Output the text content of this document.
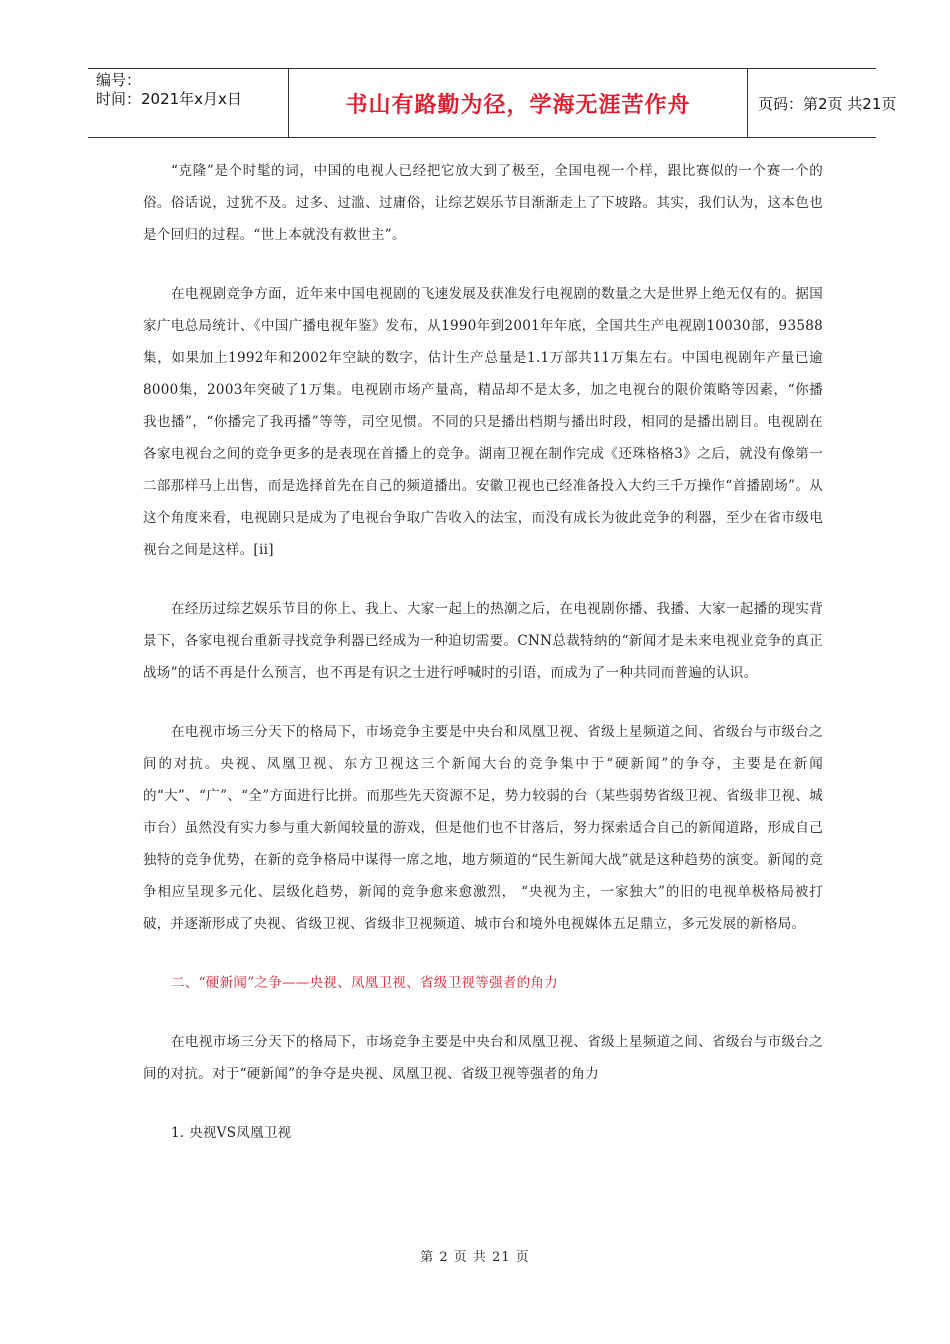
编号：
时间：2021年x月x日	书山有路勤为径，学海无涯苦作舟	页码：第2页 共21页

“克隆”是个时髦的词，中国的电视人已经把它放大到了极至，全国电视一个样，跟比赛似的一个赛一个的俗。俗话说，过犹不及。过多、过滥、过庸俗，让综艺娱乐节目渐渐走上了下坡路。其实，我们认为，这本色也是个回归的过程。“世上本就没有救世主”。

在电视剧竞争方面，近年来中国电视剧的飞速发展及获准发行电视剧的数量之大是世界上绝无仅有的。据国家广电总局统计、《中国广播电视年鉴》发布，从1990年到2001年年底，全国共生产电视剧10030部，93588集，如果加上1992年和2002年空缺的数字，估计生产总量是1.1万部共11万集左右。中国电视剧年产量已逾8000集，2003年突破了1万集。电视剧市场产量高，精品却不是太多，加之电视台的限价策略等因素，“你播我也播”，“你播完了我再播”等等，司空见惯。不同的只是播出档期与播出时段，相同的是播出剧目。电视剧在各家电视台之间的竞争更多的是表现在首播上的竞争。湖南卫视在制作完成《还珠格格3》之后，就没有像第一二部那样马上出售，而是选择首先在自己的频道播出。安徽卫视也已经准备投入大约三千万操作“首播剧场”。从这个角度来看，电视剧只是成为了电视台争取广告收入的法宝，而没有成长为彼此竞争的利器，至少在省市级电视台之间是这样。[ii]

在经历过综艺娱乐节目的你上、我上、大家一起上的热潮之后，在电视剧你播、我播、大家一起播的现实背景下，各家电视台重新寻找竞争利器已经成为一种迫切需要。CNN总裁特纳的“新闻才是未来电视业竞争的真正战场”的话不再是什么预言，也不再是有识之士进行呼喊时的引语，而成为了一种共同而普遍的认识。

在电视市场三分天下的格局下，市场竞争主要是中央台和凤凰卫视、省级上星频道之间、省级台与市级台之间的对抗。央视、凤凰卫视、东方卫视这三个新闻大台的竞争集中于“硬新闻”的争夺，主要是在新闻的“大”、“广”、“全”方面进行比拼。而那些先天资源不足，势力较弱的台（某些弱势省级卫视、省级非卫视、城市台）虽然没有实力参与重大新闻较量的游戏，但是他们也不甘落后，努力探索适合自己的新闻道路，形成自己独特的竞争优势，在新的竞争格局中谋得一席之地，地方频道的“民生新闻大战”就是这种趋势的演变。新闻的竞争相应呈现多元化、层级化趋势，新闻的竞争愈来愈激烈， “央视为主，一家独大”的旧的电视单极格局被打破，并逐渐形成了央视、省级卫视、省级非卫视频道、城市台和境外电视媒体五足鼎立，多元发展的新格局。

二、“硬新闻”之争——央视、凤凰卫视、省级卫视等强者的角力

在电视市场三分天下的格局下，市场竞争主要是中央台和凤凰卫视、省级上星频道之间、省级台与市级台之间的对抗。对于“硬新闻”的争夺是央视、凤凰卫视、省级卫视等强者的角力

1. 央视VS凤凰卫视

第 2 页 共 21 页
